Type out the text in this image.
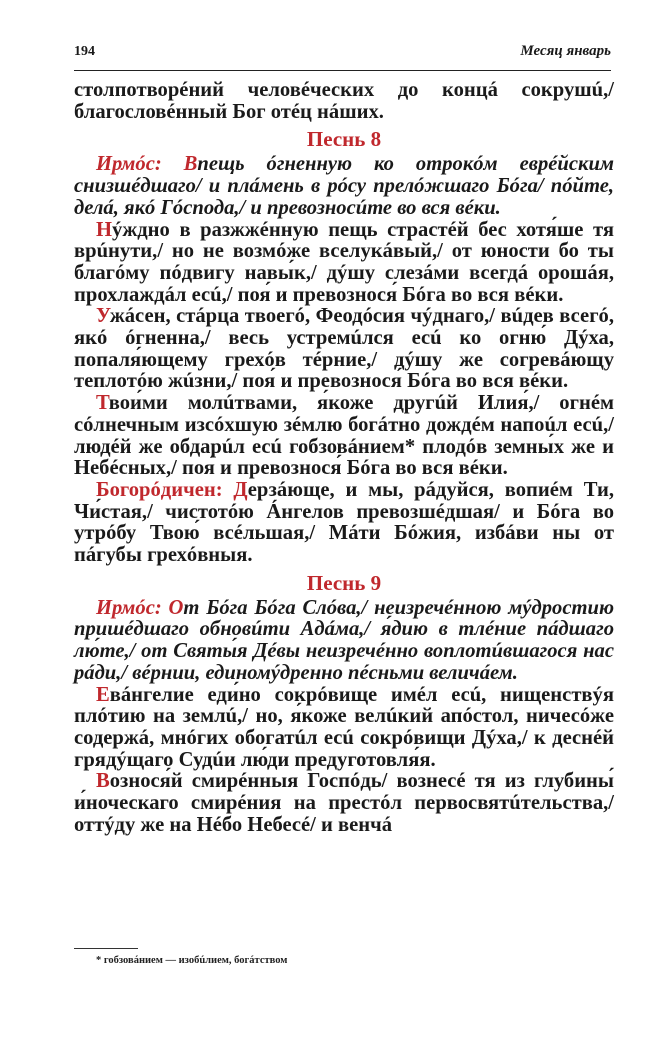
194	Месяц январь

столпотворéний человéческих до концá сокрушú,/ благословéнный Бог отéц нáших.

Песнь 8

Ирмóс: Впещь óгненную ко отрокóм еврéйским снизшéдшаго/ и плáмень в рóсу прелóжшаго Бóга/ пóйте, делá, якó Гóспода,/ и превозносúте во вся вéки.

Нýждно в разжжéнную пещь страстéй бес хотя́ше тя врúнути,/ но не возмóже вселукáвый,/ от юности бо ты благóму пóдвигу навы́к,/ дýшу слезáми всегдá орошáя, прохлаждáл есú,/ поя́ и превознося́ Бóга во вся вéки.

Ужáсен, стáрца твоегó, Феодóсия чýднаго,/ вúдев всегó, якó óгненна,/ весь устремúлся есú ко огню́ Дýха, попаля́ющему грехóв тéрние,/ дýшу же согревáющу теплотóю жúзни,/ поя́ и превознося́ Бóга во вся вéки.

Твои́ми молúтвами, я́коже другúй Илия́,/ огнéм сóлнечным изсóхшую зéмлю богáтно дождéм напоúл есú,/ людéй же обдарúл есú гобзовáнием* плодóв земны́х же и Небéсных,/ поя́ и превознося́ Бóга во вся вéки.

Богорóдичен: Дерзáюще, и мы, рáдуйся, вопиéм Ти, Чи́стая,/ чистотóю Áнгелов превозшéдшая/ и Бóга во утрóбу Твою́ всéльшая,/ Мáти Бóжия, избáви ны от пáгубы грехóвныя.

Песнь 9

Ирмóс: От Бóга Бóга Слóва,/ неизречéнною мýдростию пришéдшаго обновúти Адáма,/ я́дию в тлéние пáдшаго лю́те,/ от Святы́я Дéвы неизречéнно воплотúвшагося нас рáди,/ вéрнии, единомýдренно пéсньми величáем.

Евáнгелие еди́но сокрóвище имéл есú, нищенствýя плóтию на землú,/ но, я́коже велúкий апóстол, ничесóже содержá, мнóгих обогатúл есú сокрóвищи Дýха,/ к деснéй грядýщаго Судúи лю́ди предуготовля́я.

Вознося́й смирéнныя Госпóдь/ вознесé тя из глубины́ и́ноческаго смирéния на престóл первосвятúтельства,/ оттýду же на Нéбо Небесé/ и венчá

* гобзовáнием — изобúлием, богáтством
